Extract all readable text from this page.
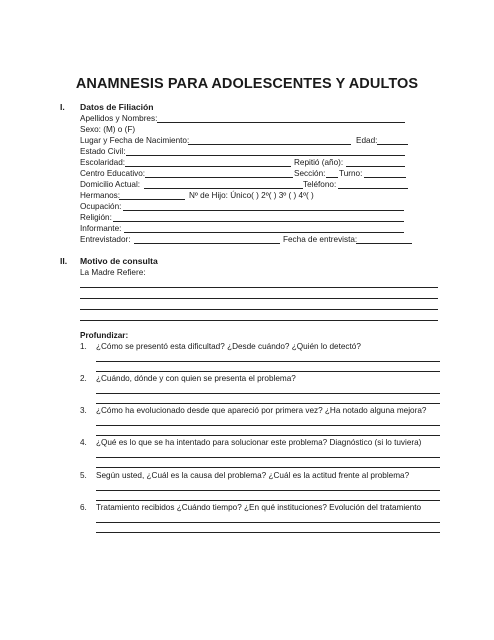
ANAMNESIS PARA ADOLESCENTES Y ADULTOS
I. Datos de Filiación
Apellidos y Nombres:
Sexo: (M) o (F)
Lugar y Fecha de Nacimiento:	Edad:
Estado Civil:
Escolaridad:	Repitió (año):
Centro Educativo:	Sección: Turno:
Domicilio Actual:	Teléfono:
Hermanos:	Nº de Hijo: Único( ) 2º( ) 3º ( ) 4º( )
Ocupación:
Religión:
Informante:
Entrevistador:	Fecha de entrevista:
II. Motivo de consulta
La Madre Refiere:
Profundizar:
1. ¿Cómo se presentó esta dificultad? ¿Desde cuándo? ¿Quién lo detectó?
2. ¿Cuándo, dónde y con quien se presenta el problema?
3. ¿Cómo ha evolucionado desde que apareció por primera vez? ¿Ha notado alguna mejora?
4. ¿Qué es lo que se ha intentado para solucionar este problema? Diagnóstico (si lo tuviera)
5. Según usted, ¿Cuál es la causa del problema? ¿Cuál es la actitud frente al problema?
6. Tratamiento recibidos ¿Cuándo tiempo? ¿En qué instituciones? Evolución del tratamiento
